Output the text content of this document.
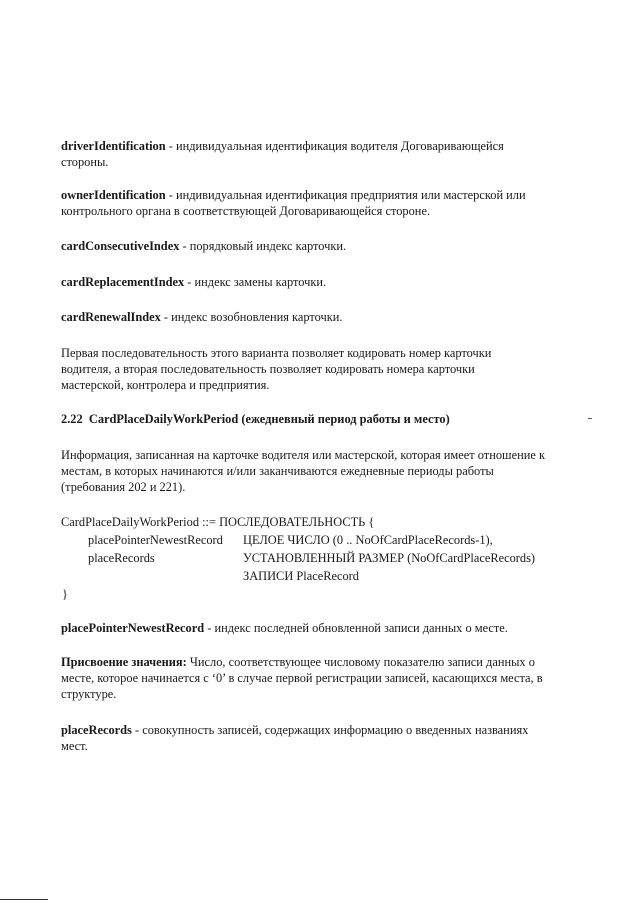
driverIdentification - индивидуальная идентификация водителя Договаривающейся стороны.

ownerIdentification - индивидуальная идентификация предприятия или мастерской или контрольного органа в соответствующей Договаривающейся стороне.

cardConsecutiveIndex - порядковый индекс карточки.

cardReplacementIndex - индекс замены карточки.

cardRenewalIndex - индекс возобновления карточки.

Первая последовательность этого варианта позволяет кодировать номер карточки водителя, а вторая последовательность позволяет кодировать номера карточки мастерской, контролера и предприятия.

2.22 CardPlaceDailyWorkPeriod (ежедневный период работы и место)

Информация, записанная на карточке водителя или мастерской, которая имеет отношение к местам, в которых начинаются и/или заканчиваются ежедневные периоды работы (требования 202 и 221).

CardPlaceDailyWorkPeriod ::= ПОСЛЕДОВАТЕЛЬНОСТЬ {
placePointerNewestRecord ЦЕЛОЕ ЧИСЛО (0 .. NoOfCardPlaceRecords-1),
placeRecords	УСТАНОВЛЕННЫЙ РАЗМЕР (NoOfCardPlaceRecords)
ЗАПИСИ PlaceRecord
}

placePointerNewestRecord - индекс последней обновленной записи данных о месте.

Присвоение значения: Число, соответствующее числовому показателю записи данных о месте, которое начинается с ‘0’ в случае первой регистрации записей, касающихся места, в структуре.

placeRecords - совокупность записей, содержащих информацию о введенных названиях мест.
